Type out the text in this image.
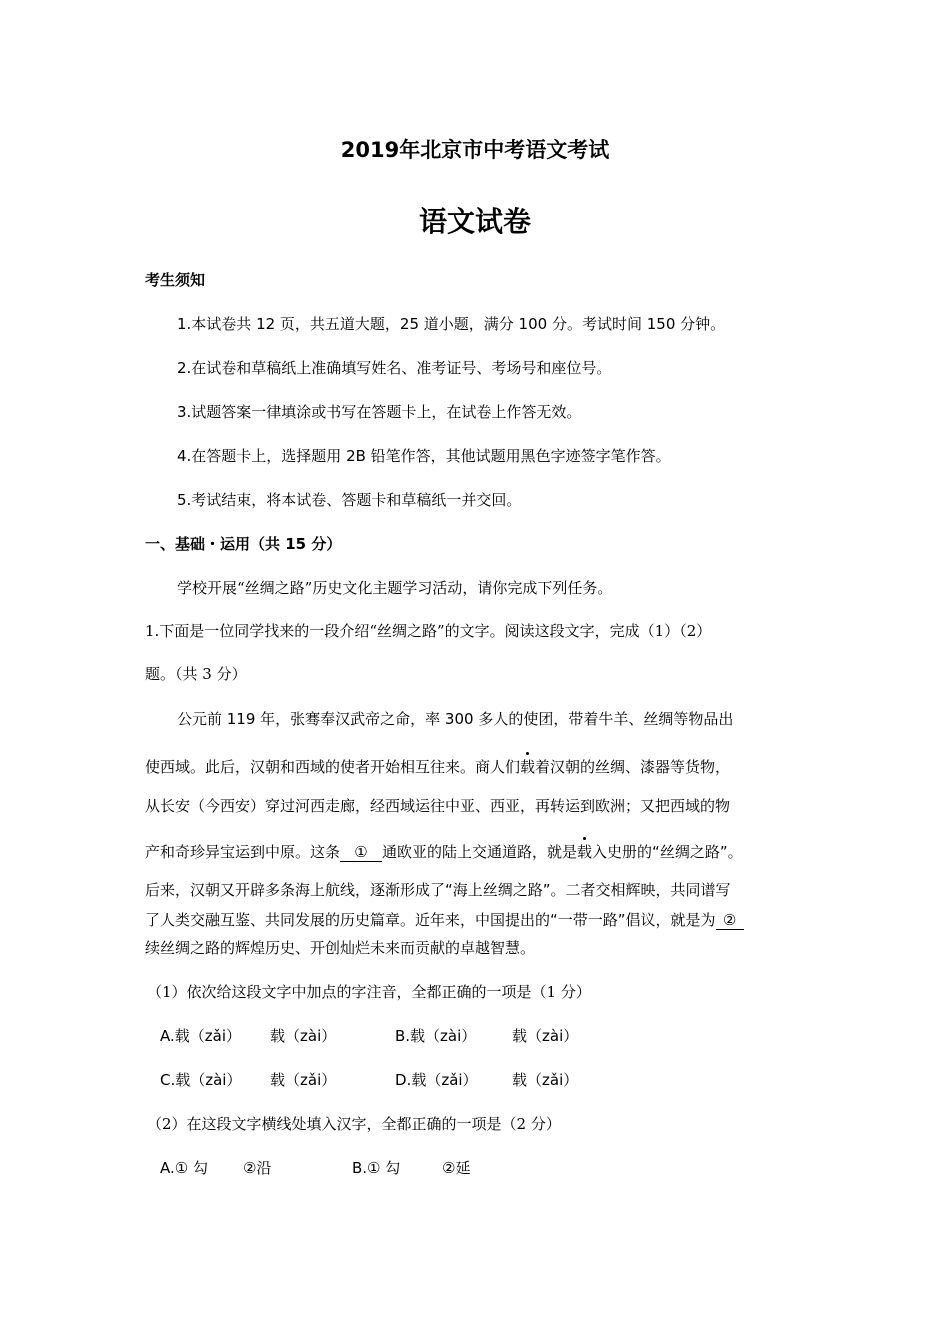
2019年北京市中考语文考试
语文试卷
考生须知
1.本试卷共 12 页，共五道大题，25 道小题，满分 100 分。考试时间 150 分钟。
2.在试卷和草稿纸上准确填写姓名、准考证号、考场号和座位号。
3.试题答案一律填涂或书写在答题卡上，在试卷上作答无效。
4.在答题卡上，选择题用 2B 铅笔作答，其他试题用黑色字迹签字笔作答。
5.考试结束，将本试卷、答题卡和草稿纸一并交回。
一、基础・运用（共 15 分）
学校开展“丝绸之路”历史文化主题学习活动，请你完成下列任务。
1.下面是一位同学找来的一段介绍“丝绸之路”的文字。阅读这段文字，完成（1）（2）
题。（共 3 分）
公元前 119 年，张骞奉汉武帝之命，率 300 多人的使团，带着牛羊、丝绸等物品出
使西域。此后，汉朝和西域的使者开始相互往来。商人们载着汉朝的丝绸、漆器等货物，
从长安（今西安）穿过河西走廊，经西域运往中亚、西亚，再转运到欧洲；又把西域的物
产和奇珍异宝运到中原。这条 ① 通欧亚的陆上交通道路，就是载入史册的“丝绸之路”。
后来，汉朝又开辟多条海上航线，逐渐形成了“海上丝绸之路”。二者交相辉映，共同谱写
了人类交融互鉴、共同发展的历史篇章。近年来，中国提出的“一带一路”倡议，就是为 ②
续丝绸之路的辉煌历史、开创灿烂未来而贡献的卓越智慧。
（1）依次给这段文字中加点的字注音，全都正确的一项是（1 分）
A.载（zǎi） 载（zài）	B.载（zài） 载（zài）
C.载（zài） 载（zǎi）	D.载（zǎi） 载（zǎi）
（2）在这段文字横线处填入汉字，全都正确的一项是（2 分）
A.① 勾 ②沿	B.① 勾	②延
